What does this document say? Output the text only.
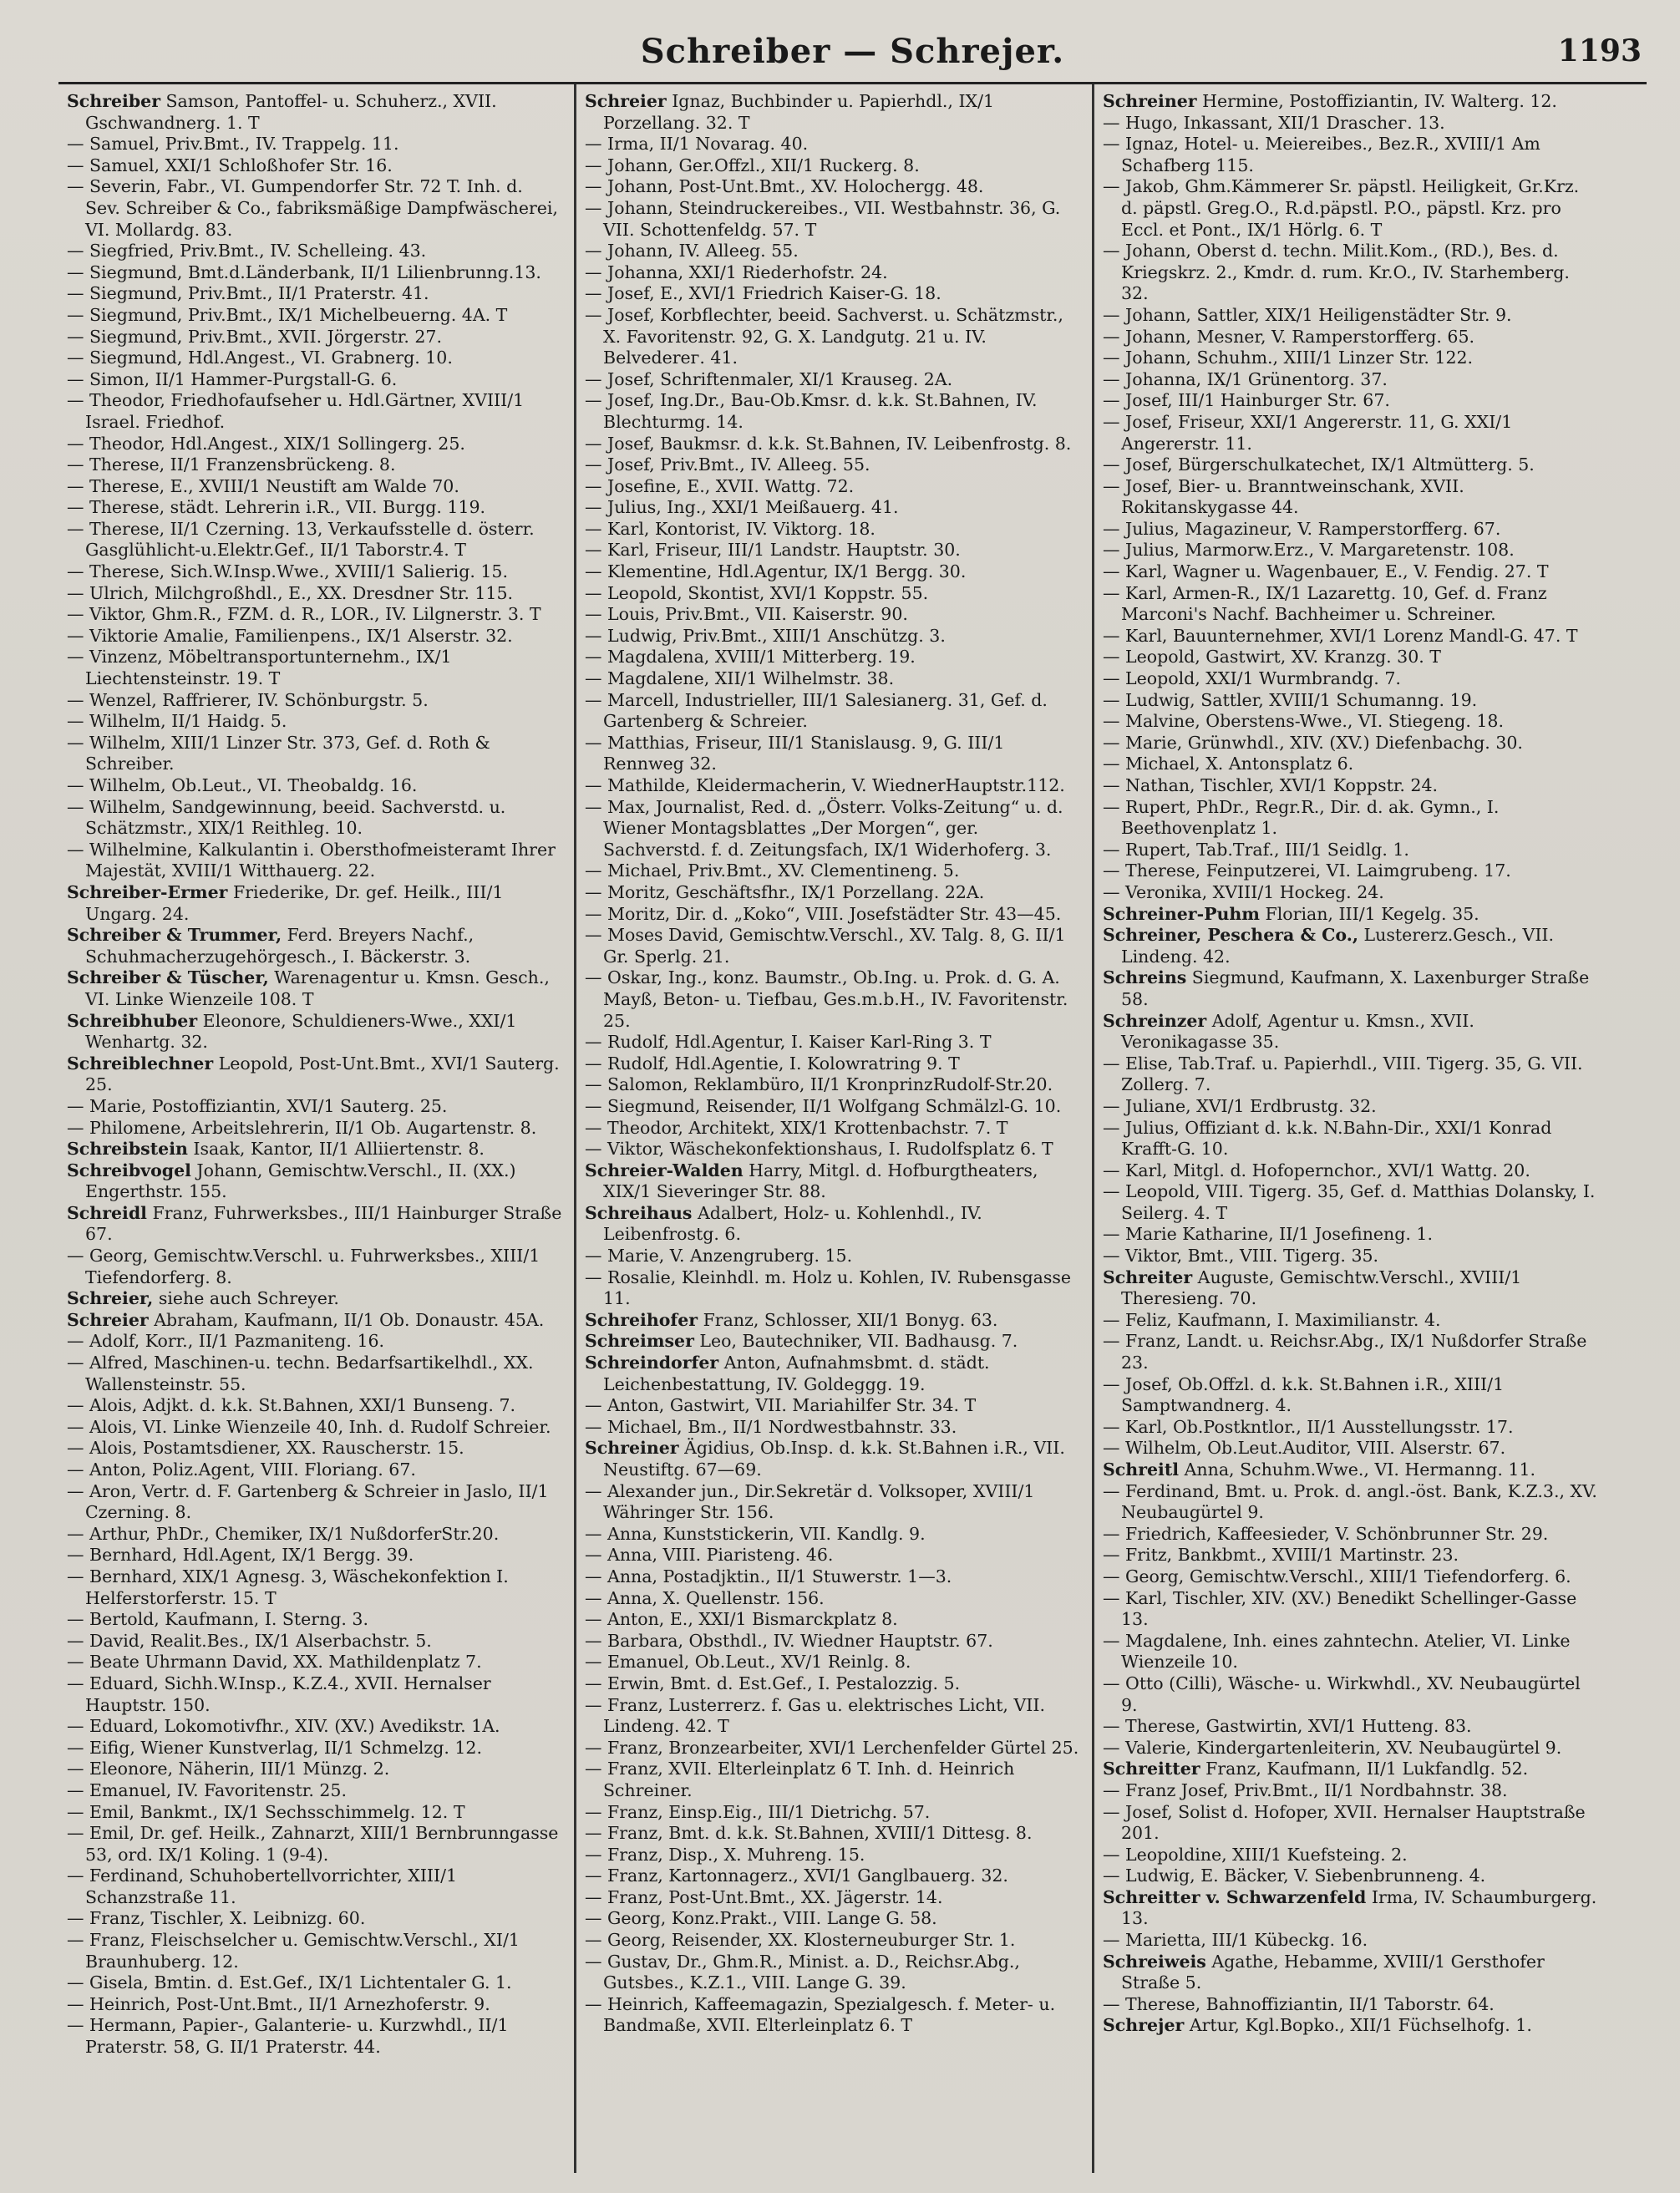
Schreiber — Schrejer.	1193

Schreiber Samson, Pantoffel- u. Schuherz., XVII. Gschwandnerg. 1. T

— Samuel, Priv.Bmt., IV. Trappelg. 11.

— Samuel, XXI/1 Schloßhofer Str. 16.

— Severin, Fabr., VI. Gumpendorfer Str. 72 T. Inh. d. Sev. Schreiber & Co., fabriksmäßige Dampfwäscherei, VI. Mollardg. 83.

— Siegfried, Priv.Bmt., IV. Schelleing. 43.

— Siegmund, Bmt.d.Länderbank, II/1 Lilienbrunng.13.

— Siegmund, Priv.Bmt., II/1 Praterstr. 41.

— Siegmund, Priv.Bmt., IX/1 Michelbeuerng. 4A. T

— Siegmund, Priv.Bmt., XVII. Jörgerstr. 27.

— Siegmund, Hdl.Angest., VI. Grabnerg. 10.

— Simon, II/1 Hammer-Purgstall-G. 6.

— Theodor, Friedhofaufseher u. Hdl.Gärtner, XVIII/1 Israel. Friedhof.

— Theodor, Hdl.Angest., XIX/1 Sollingerg. 25.

— Therese, II/1 Franzensbrückeng. 8.

— Therese, E., XVIII/1 Neustift am Walde 70.

— Therese, städt. Lehrerin i.R., VII. Burgg. 119.

— Therese, II/1 Czerning. 13, Verkaufsstelle d. österr. Gasglühlicht-u.Elektr.Gef., II/1 Taborstr.4. T

— Therese, Sich.W.Insp.Wwe., XVIII/1 Salierig. 15.

— Ulrich, Milchgroßhdl., E., XX. Dresdner Str. 115.

— Viktor, Ghm.R., FZM. d. R., LOR., IV. Lilgnerstr. 3. T

— Viktorie Amalie, Familienpens., IX/1 Alserstr. 32.

— Vinzenz, Möbeltransportunternehm., IX/1 Liechtensteinstr. 19. T

— Wenzel, Raffrierer, IV. Schönburgstr. 5.

— Wilhelm, II/1 Haidg. 5.

— Wilhelm, XIII/1 Linzer Str. 373, Gef. d. Roth & Schreiber.

— Wilhelm, Ob.Leut., VI. Theobaldg. 16.

— Wilhelm, Sandgewinnung, beeid. Sachverstd. u. Schätzmstr., XIX/1 Reithleg. 10.

— Wilhelmine, Kalkulantin i. Obersthofmeisteramt Ihrer Majestät, XVIII/1 Witthauerg. 22.

Schreiber-Ermer Friederike, Dr. gef. Heilk., III/1 Ungarg. 24.

Schreiber & Trummer, Ferd. Breyers Nachf., Schuhmacherzugehörgesch., I. Bäckerstr. 3.

Schreiber & Tüscher, Warenagentur u. Kmsn. Gesch., VI. Linke Wienzeile 108. T

Schreibhuber Eleonore, Schuldieners-Wwe., XXI/1 Wenhartg. 32.

Schreiblechner Leopold, Post-Unt.Bmt., XVI/1 Sauterg. 25.

— Marie, Postoffiziantin, XVI/1 Sauterg. 25.

— Philomene, Arbeitslehrerin, II/1 Ob. Augartenstr. 8.

Schreibstein Isaak, Kantor, II/1 Alliiertenstr. 8.

Schreibvogel Johann, Gemischtw.Verschl., II. (XX.) Engerthstr. 155.

Schreidl Franz, Fuhrwerksbes., III/1 Hainburger Straße 67.

— Georg, Gemischtw.Verschl. u. Fuhrwerksbes., XIII/1 Tiefendorferg. 8.

Schreier, siehe auch Schreyer.

Schreier Abraham, Kaufmann, II/1 Ob. Donaustr. 45A.

— Adolf, Korr., II/1 Pazmaniteng. 16.

— Alfred, Maschinen-u. techn. Bedarfsartikelhdl., XX. Wallensteinstr. 55.

— Alois, Adjkt. d. k.k. St.Bahnen, XXI/1 Bunseng. 7.

— Alois, VI. Linke Wienzeile 40, Inh. d. Rudolf Schreier.

— Alois, Postamtsdiener, XX. Rauscherstr. 15.

— Anton, Poliz.Agent, VIII. Floriang. 67.

— Aron, Vertr. d. F. Gartenberg & Schreier in Jaslo, II/1 Czerning. 8.

— Arthur, PhDr., Chemiker, IX/1 NußdorferStr.20.

— Bernhard, Hdl.Agent, IX/1 Bergg. 39.

— Bernhard, XIX/1 Agnesg. 3, Wäschekonfektion I. Helferstorferstr. 15. T

— Bertold, Kaufmann, I. Sterng. 3.

— David, Realit.Bes., IX/1 Alserbachstr. 5.

— Beate Uhrmann David, XX. Mathildenplatz 7.

— Eduard, Sichh.W.Insp., K.Z.4., XVII. Hernalser Hauptstr. 150.

— Eduard, Lokomotivfhr., XIV. (XV.) Avedikstr. 1A.

— Eifig, Wiener Kunstverlag, II/1 Schmelzg. 12.

— Eleonore, Näherin, III/1 Münzg. 2.

— Emanuel, IV. Favoritenstr. 25.

— Emil, Bankmt., IX/1 Sechsschimmelg. 12. T

— Emil, Dr. gef. Heilk., Zahnarzt, XIII/1 Bernbrunngasse 53, ord. IX/1 Koling. 1 (9-4).

— Ferdinand, Schuhobertellvorrichter, XIII/1 Schanzstraße 11.

— Franz, Tischler, X. Leibnizg. 60.

— Franz, Fleischselcher u. Gemischtw.Verschl., XI/1 Braunhuberg. 12.

— Gisela, Bmtin. d. Est.Gef., IX/1 Lichtentaler G. 1.

— Heinrich, Post-Unt.Bmt., II/1 Arnezhoferstr. 9.

— Hermann, Papier-, Galanterie- u. Kurzwhdl., II/1 Praterstr. 58, G. II/1 Praterstr. 44.

Schreier Ignaz, Buchbinder u. Papierhdl., IX/1 Porzellang. 32. T

— Irma, II/1 Novarag. 40.

— Johann, Ger.Offzl., XII/1 Ruckerg. 8.

— Johann, Post-Unt.Bmt., XV. Holochergg. 48.

— Johann, Steindruckereibes., VII. Westbahnstr. 36, G. VII. Schottenfeldg. 57. T

— Johann, IV. Alleeg. 55.

— Johanna, XXI/1 Riederhofstr. 24.

— Josef, E., XVI/1 Friedrich Kaiser-G. 18.

— Josef, Korbflechter, beeid. Sachverst. u. Schätzmstr., X. Favoritenstr. 92, G. X. Landgutg. 21 u. IV. Belvederег. 41.

— Josef, Schriftenmaler, XI/1 Krauseg. 2A.

— Josef, Ing.Dr., Bau-Ob.Kmsr. d. k.k. St.Bahnen, IV. Blechturmg. 14.

— Josef, Baukmsr. d. k.k. St.Bahnen, IV. Leibenfrostg. 8.

— Josef, Priv.Bmt., IV. Alleeg. 55.

— Josefine, E., XVII. Wattg. 72.

— Julius, Ing., XXI/1 Meißauerg. 41.

— Karl, Kontorist, IV. Viktorg. 18.

— Karl, Friseur, III/1 Landstr. Hauptstr. 30.

— Klementine, Hdl.Agentur, IX/1 Bergg. 30.

— Leopold, Skontist, XVI/1 Koppstr. 55.

— Louis, Priv.Bmt., VII. Kaiserstr. 90.

— Ludwig, Priv.Bmt., XIII/1 Anschützg. 3.

— Magdalena, XVIII/1 Mitterberg. 19.

— Magdalene, XII/1 Wilhelmstr. 38.

— Marcell, Industrieller, III/1 Salesianerg. 31, Gef. d. Gartenberg & Schreier.

— Matthias, Friseur, III/1 Stanislausg. 9, G. III/1 Rennweg 32.

— Mathilde, Kleidermacherin, V. WiednerHauptstr.112.

— Max, Journalist, Red. d. „Österr. Volks-Zeitung“ u. d. Wiener Montagsblattes „Der Morgen“, ger. Sachverstd. f. d. Zeitungsfach, IX/1 Widerhoferg. 3.

— Michael, Priv.Bmt., XV. Clementineng. 5.

— Moritz, Geschäftsfhr., IX/1 Porzellang. 22A.

— Moritz, Dir. d. „Koko“, VIII. Josefstädter Str. 43—45.

— Moses David, Gemischtw.Verschl., XV. Talg. 8, G. II/1 Gr. Sperlg. 21.

— Oskar, Ing., konz. Baumstr., Ob.Ing. u. Prok. d. G. A. Mayß, Beton- u. Tiefbau, Ges.m.b.H., IV. Favoritenstr. 25.

— Rudolf, Hdl.Agentur, I. Kaiser Karl-Ring 3. T

— Rudolf, Hdl.Agentie, I. Kolowratring 9. T

— Salomon, Reklambüro, II/1 KronprinzRudolf-Str.20.

— Siegmund, Reisender, II/1 Wolfgang Schmälzl-G. 10.

— Theodor, Architekt, XIX/1 Krottenbachstr. 7. T

— Viktor, Wäschekonfektionshaus, I. Rudolfsplatz 6. T

Schreier-Walden Harry, Mitgl. d. Hofburgtheaters, XIX/1 Sieveringer Str. 88.

Schreihaus Adalbert, Holz- u. Kohlenhdl., IV. Leibenfrostg. 6.

— Marie, V. Anzengruberg. 15.

— Rosalie, Kleinhdl. m. Holz u. Kohlen, IV. Rubensgasse 11.

Schreihofer Franz, Schlosser, XII/1 Bonyg. 63.

Schreimser Leo, Bautechniker, VII. Badhausg. 7.

Schreindorfer Anton, Aufnahmsbmt. d. städt. Leichenbestattung, IV. Goldeggg. 19.

— Anton, Gastwirt, VII. Mariahilfer Str. 34. T

— Michael, Bm., II/1 Nordwestbahnstr. 33.

Schreiner Ägidius, Ob.Insp. d. k.k. St.Bahnen i.R., VII. Neustiftg. 67—69.

— Alexander jun., Dir.Sekretär d. Volksoper, XVIII/1 Währinger Str. 156.

— Anna, Kunststickerin, VII. Kandlg. 9.

— Anna, VIII. Piaristeng. 46.

— Anna, Postadjktin., II/1 Stuwerstr. 1—3.

— Anna, X. Quellenstr. 156.

— Anton, E., XXI/1 Bismarckplatz 8.

— Barbara, Obsthdl., IV. Wiedner Hauptstr. 67.

— Emanuel, Ob.Leut., XV/1 Reinlg. 8.

— Erwin, Bmt. d. Est.Gef., I. Pestalozzig. 5.

— Franz, Lusterrerz. f. Gas u. elektrisches Licht, VII. Lindeng. 42. T

— Franz, Bronzearbeiter, XVI/1 Lerchenfelder Gürtel 25.

— Franz, XVII. Elterleinplatz 6 T. Inh. d. Heinrich Schreiner.

— Franz, Einsp.Eig., III/1 Dietrichg. 57.

— Franz, Bmt. d. k.k. St.Bahnen, XVIII/1 Dittesg. 8.

— Franz, Disp., X. Muhreng. 15.

— Franz, Kartonnagerz., XVI/1 Ganglbauerg. 32.

— Franz, Post-Unt.Bmt., XX. Jägerstr. 14.

— Georg, Konz.Prakt., VIII. Lange G. 58.

— Georg, Reisender, XX. Klosterneuburger Str. 1.

— Gustav, Dr., Ghm.R., Minist. a. D., Reichsr.Abg., Gutsbes., K.Z.1., VIII. Lange G. 39.

— Heinrich, Kaffeemagazin, Spezialgesch. f. Meter- u. Bandmaße, XVII. Elterleinplatz 6. T

Schreiner Hermine, Postoffiziantin, IV. Walterg. 12.

— Hugo, Inkassant, XII/1 Draschег. 13.

— Ignaz, Hotel- u. Meiereibes., Bez.R., XVIII/1 Am Schafberg 115.

— Jakob, Ghm.Kämmerer Sr. päpstl. Heiligkeit, Gr.Krz. d. päpstl. Greg.O., R.d.päpstl. P.O., päpstl. Krz. pro Eccl. et Pont., IX/1 Hörlg. 6. T

— Johann, Oberst d. techn. Milit.Kom., (RD.), Bes. d. Kriegskrz. 2., Kmdr. d. rum. Kr.O., IV. Starhemberg. 32.

— Johann, Sattler, XIX/1 Heiligenstädter Str. 9.

— Johann, Mesner, V. Ramperstorfferg. 65.

— Johann, Schuhm., XIII/1 Linzer Str. 122.

— Johanna, IX/1 Grünentorg. 37.

— Josef, III/1 Hainburger Str. 67.

— Josef, Friseur, XXI/1 Angererstr. 11, G. XXI/1 Angererstr. 11.

— Josef, Bürgerschulkatechet, IX/1 Altmütterg. 5.

— Josef, Bier- u. Branntweinschank, XVII. Rokitanskygasse 44.

— Julius, Magazineur, V. Ramperstorfferg. 67.

— Julius, Marmorw.Erz., V. Margaretenstr. 108.

— Karl, Wagner u. Wagenbauer, E., V. Fendig. 27. T

— Karl, Armen-R., IX/1 Lazarettg. 10, Gef. d. Franz Marconi's Nachf. Bachheimer u. Schreiner.

— Karl, Bauunternehmer, XVI/1 Lorenz Mandl-G. 47. T

— Leopold, Gastwirt, XV. Kranzg. 30. T

— Leopold, XXI/1 Wurmbrandg. 7.

— Ludwig, Sattler, XVIII/1 Schumanng. 19.

— Malvine, Oberstens-Wwe., VI. Stiegeng. 18.

— Marie, Grünwhdl., XIV. (XV.) Diefenbachg. 30.

— Michael, X. Antonsplatz 6.

— Nathan, Tischler, XVI/1 Koppstr. 24.

— Rupert, PhDr., Regr.R., Dir. d. ak. Gymn., I. Beethovenplatz 1.

— Rupert, Tab.Traf., III/1 Seidlg. 1.

— Therese, Feinputzerei, VI. Laimgrubeng. 17.

— Veronika, XVIII/1 Hockeg. 24.

Schreiner-Puhm Florian, III/1 Kegelg. 35.

Schreiner, Peschera & Co., Lustererz.Gesch., VII. Lindeng. 42.

Schreins Siegmund, Kaufmann, X. Laxenburger Straße 58.

Schreinzer Adolf, Agentur u. Kmsn., XVII. Veronikagasse 35.

— Elise, Tab.Traf. u. Papierhdl., VIII. Tigerg. 35, G. VII. Zollerg. 7.

— Juliane, XVI/1 Erdbrustg. 32.

— Julius, Offiziant d. k.k. N.Bahn-Dir., XXI/1 Konrad Krafft-G. 10.

— Karl, Mitgl. d. Hofopernchor., XVI/1 Wattg. 20.

— Leopold, VIII. Tigerg. 35, Gef. d. Matthias Dolansky, I. Seilerg. 4. T

— Marie Katharine, II/1 Josefineng. 1.

— Viktor, Bmt., VIII. Tigerg. 35.

Schreiter Auguste, Gemischtw.Verschl., XVIII/1 Theresieng. 70.

— Feliz, Kaufmann, I. Maximilianstr. 4.

— Franz, Landt. u. Reichsr.Abg., IX/1 Nußdorfer Straße 23.

— Josef, Ob.Offzl. d. k.k. St.Bahnen i.R., XIII/1 Samptwandnerg. 4.

— Karl, Ob.Postkntlor., II/1 Ausstellungsstr. 17.

— Wilhelm, Ob.Leut.Auditor, VIII. Alserstr. 67.

Schreitl Anna, Schuhm.Wwe., VI. Hermanng. 11.

— Ferdinand, Bmt. u. Prok. d. angl.-öst. Bank, K.Z.3., XV. Neubaugürtel 9.

— Friedrich, Kaffeesieder, V. Schönbrunner Str. 29.

— Fritz, Bankbmt., XVIII/1 Martinstr. 23.

— Georg, Gemischtw.Verschl., XIII/1 Tiefendorferg. 6.

— Karl, Tischler, XIV. (XV.) Benedikt Schellinger-Gasse 13.

— Magdalene, Inh. eines zahntechn. Atelier, VI. Linke Wienzeile 10.

— Otto (Cilli), Wäsche- u. Wirkwhdl., XV. Neubaugürtel 9.

— Therese, Gastwirtin, XVI/1 Hutteng. 83.

— Valerie, Kindergartenleiterin, XV. Neubaugürtel 9.

Schreitter Franz, Kaufmann, II/1 Lukfandlg. 52.

— Franz Josef, Priv.Bmt., II/1 Nordbahnstr. 38.

— Josef, Solist d. Hofoper, XVII. Hernalser Hauptstraße 201.

— Leopoldine, XIII/1 Kuefsteing. 2.

— Ludwig, E. Bäcker, V. Siebenbrunneng. 4.

Schreitter v. Schwarzenfeld Irma, IV. Schaumburgerg. 13.

— Marietta, III/1 Kübeckg. 16.

Schreiweis Agathe, Hebamme, XVIII/1 Gersthofer Straße 5.

— Therese, Bahnoffiziantin, II/1 Taborstr. 64.

Schrejer Artur, Kgl.Bopko., XII/1 Füchselhofg. 1.
